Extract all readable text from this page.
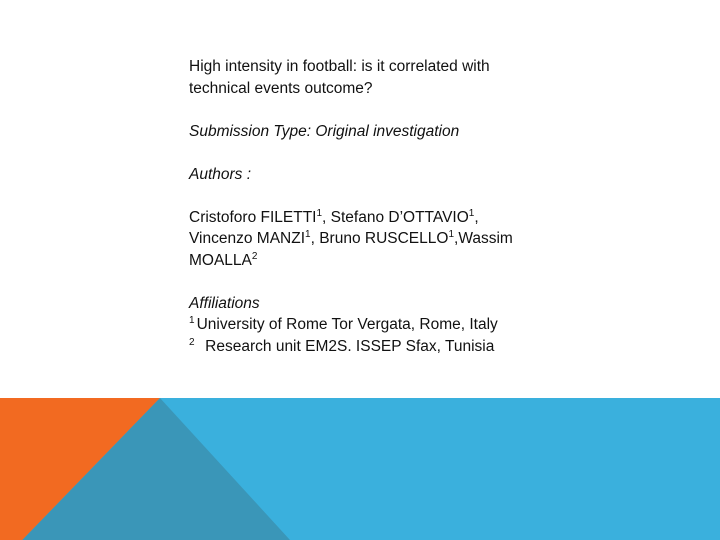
High intensity in football: is it correlated with
technical events outcome?

Submission Type: Original investigation

Authors :

Cristoforo FILETTI$^1$, Stefano D’OTTAVIO$^1$,
Vincenzo MANZI$^1$, Bruno RUSCELLO$^1$,Wassim MOALLA$^2$

Affiliations

$^1$ University of Rome Tor Vergata, Rome, Italy

$^2$  Research unit EM2S. ISSEP Sfax, Tunisia
